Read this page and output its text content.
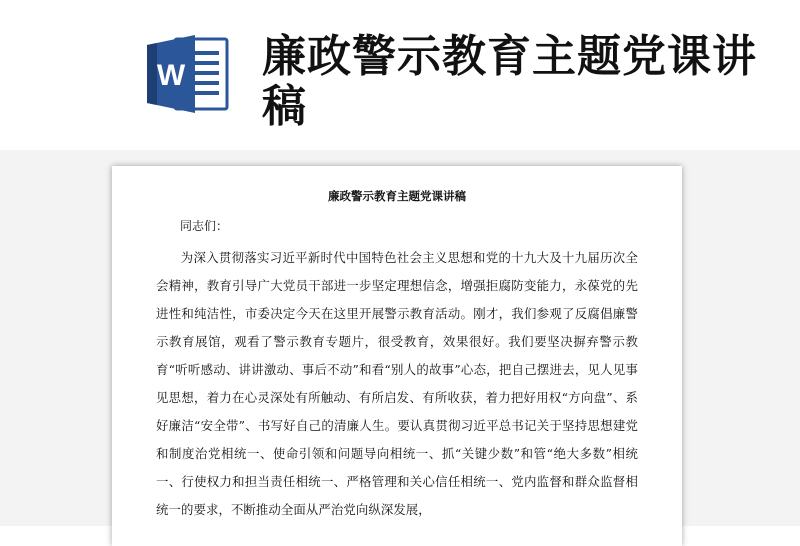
W 廉政警示教育主题党课讲稿
廉政警示教育主题党课讲稿
同志们：

为深入贯彻落实习近平新时代中国特色社会主义思想和党的十九大及十九届历次全会精神，教育引导广大党员干部进一步坚定理想信念，增强拒腐防变能力，永葆党的先进性和纯洁性，市委决定今天在这里开展警示教育活动。刚才，我们参观了反腐倡廉警示教育展馆，观看了警示教育专题片，很受教育，效果很好。我们要坚决摒弃警示教育“听听感动、讲讲激动、事后不动”和看“别人的故事”心态，把自己摆进去，见人见事见思想，着力在心灵深处有所触动、有所启发、有所收获，着力把好用权“方向盘”、系好廉洁“安全带”、书写好自己的清廉人生。要认真贯彻习近平总书记关于坚持思想建党和制度治党相统一、使命引领和问题导向相统一、抓“关键少数”和管“绝大多数”相统一、行使权力和担当责任相统一、严格管理和关心信任相统一、党内监督和群众监督相统一的要求，不断推动全面从严治党向纵深发展，
